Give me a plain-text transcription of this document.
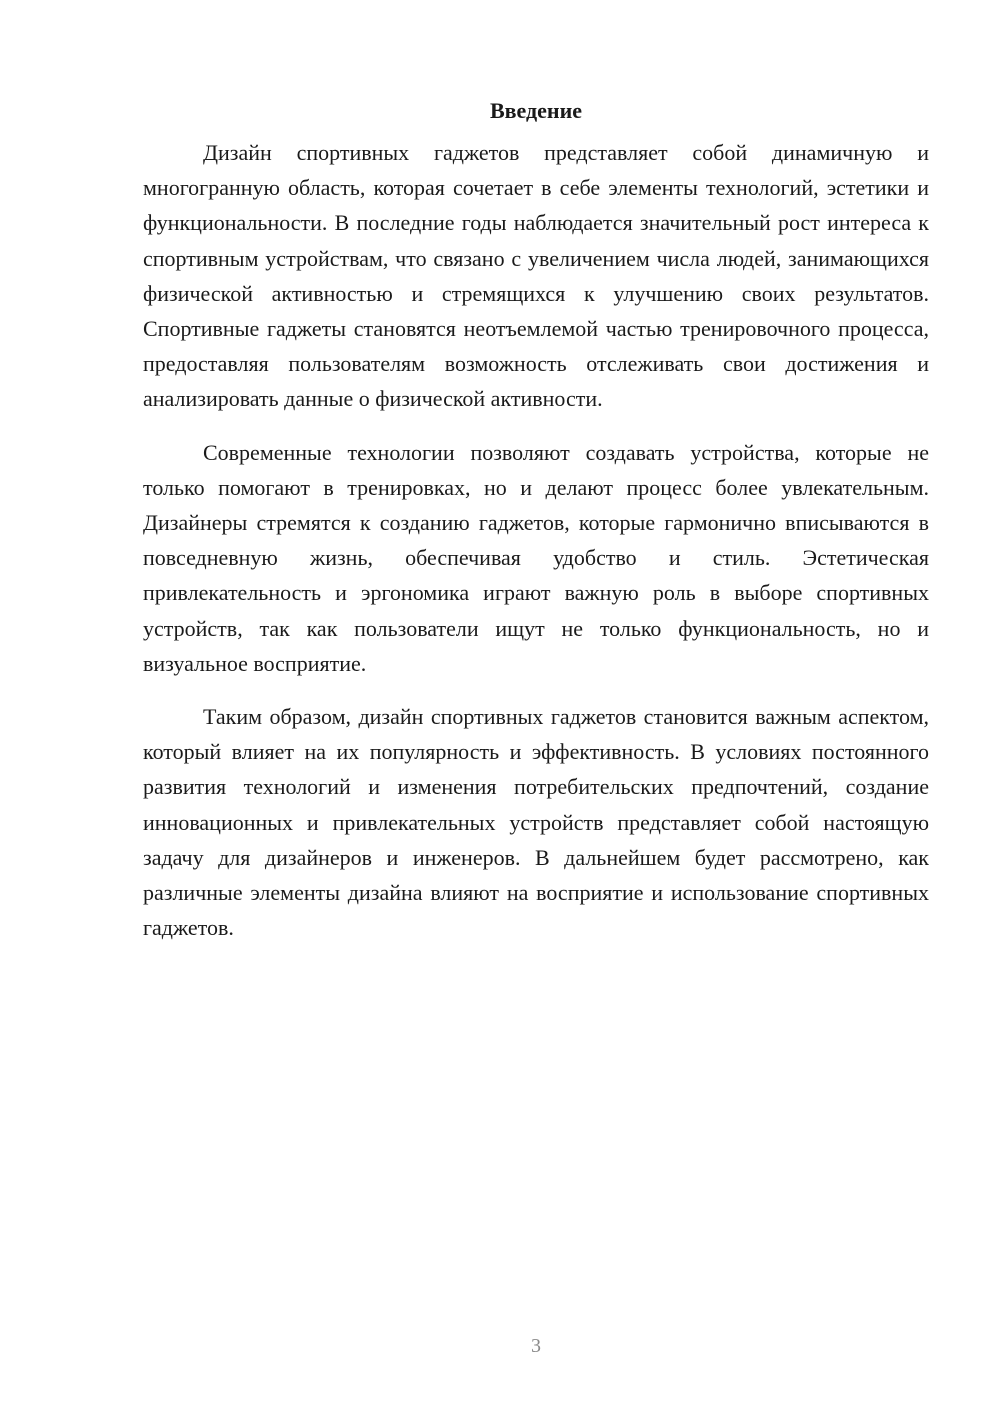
Введение

Дизайн спортивных гаджетов представляет собой динамичную и многогранную область, которая сочетает в себе элементы технологий, эстетики и функциональности. В последние годы наблюдается значительный рост интереса к спортивным устройствам, что связано с увеличением числа людей, занимающихся физической активностью и стремящихся к улучшению своих результатов. Спортивные гаджеты становятся неотъемлемой частью тренировочного процесса, предоставляя пользователям возможность отслеживать свои достижения и анализировать данные о физической активности.

Современные технологии позволяют создавать устройства, которые не только помогают в тренировках, но и делают процесс более увлекательным. Дизайнеры стремятся к созданию гаджетов, которые гармонично вписываются в повседневную жизнь, обеспечивая удобство и стиль. Эстетическая привлекательность и эргономика играют важную роль в выборе спортивных устройств, так как пользователи ищут не только функциональность, но и визуальное восприятие.

Таким образом, дизайн спортивных гаджетов становится важным аспектом, который влияет на их популярность и эффективность. В условиях постоянного развития технологий и изменения потребительских предпочтений, создание инновационных и привлекательных устройств представляет собой настоящую задачу для дизайнеров и инженеров. В дальнейшем будет рассмотрено, как различные элементы дизайна влияют на восприятие и использование спортивных гаджетов.

3
